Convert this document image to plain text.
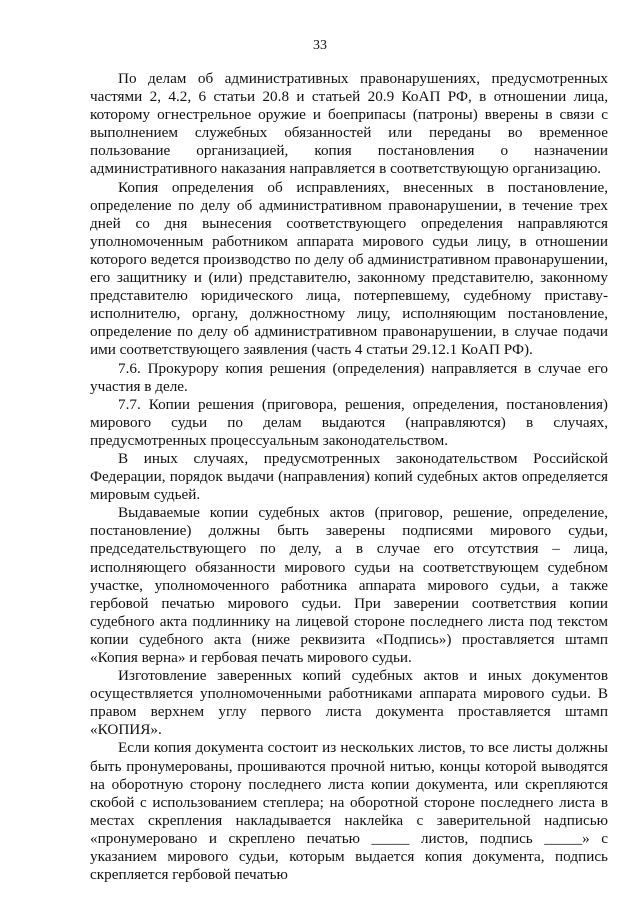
33

По делам об административных правонарушениях, предусмотренных частями 2, 4.2, 6 статьи 20.8 и статьей 20.9 КоАП РФ, в отношении лица, которому огнестрельное оружие и боеприпасы (патроны) вверены в связи с выполнением служебных обязанностей или переданы во временное пользование организацией, копия постановления о назначении административного наказания направляется в соответствующую организацию.

Копия определения об исправлениях, внесенных в постановление, определение по делу об административном правонарушении, в течение трех дней со дня вынесения соответствующего определения направляются уполномоченным работником аппарата мирового судьи лицу, в отношении которого ведется производство по делу об административном правонарушении, его защитнику и (или) представителю, законному представителю, законному представителю юридического лица, потерпевшему, судебному приставу-исполнителю, органу, должностному лицу, исполняющим постановление, определение по делу об административном правонарушении, в случае подачи ими соответствующего заявления (часть 4 статьи 29.12.1 КоАП РФ).

7.6. Прокурору копия решения (определения) направляется в случае его участия в деле.

7.7. Копии решения (приговора, решения, определения, постановления) мирового судьи по делам выдаются (направляются) в случаях, предусмотренных процессуальным законодательством.

В иных случаях, предусмотренных законодательством Российской Федерации, порядок выдачи (направления) копий судебных актов определяется мировым судьей.

Выдаваемые копии судебных актов (приговор, решение, определение, постановление) должны быть заверены подписями мирового судьи, председательствующего по делу, а в случае его отсутствия – лица, исполняющего обязанности мирового судьи на соответствующем судебном участке, уполномоченного работника аппарата мирового судьи, а также гербовой печатью мирового судьи. При заверении соответствия копии судебного акта подлиннику на лицевой стороне последнего листа под текстом копии судебного акта (ниже реквизита «Подпись») проставляется штамп «Копия верна» и гербовая печать мирового судьи.

Изготовление заверенных копий судебных актов и иных документов осуществляется уполномоченными работниками аппарата мирового судьи. В правом верхнем углу первого листа документа проставляется штамп «КОПИЯ».

Если копия документа состоит из нескольких листов, то все листы должны быть пронумерованы, прошиваются прочной нитью, концы которой выводятся на оборотную сторону последнего листа копии документа, или скрепляются скобой с использованием степлера; на оборотной стороне последнего листа в местах скрепления накладывается наклейка с заверительной надписью «пронумеровано и скреплено печатью _____ листов, подпись _____» с указанием мирового судьи, которым выдается копия документа, подпись скрепляется гербовой печатью
